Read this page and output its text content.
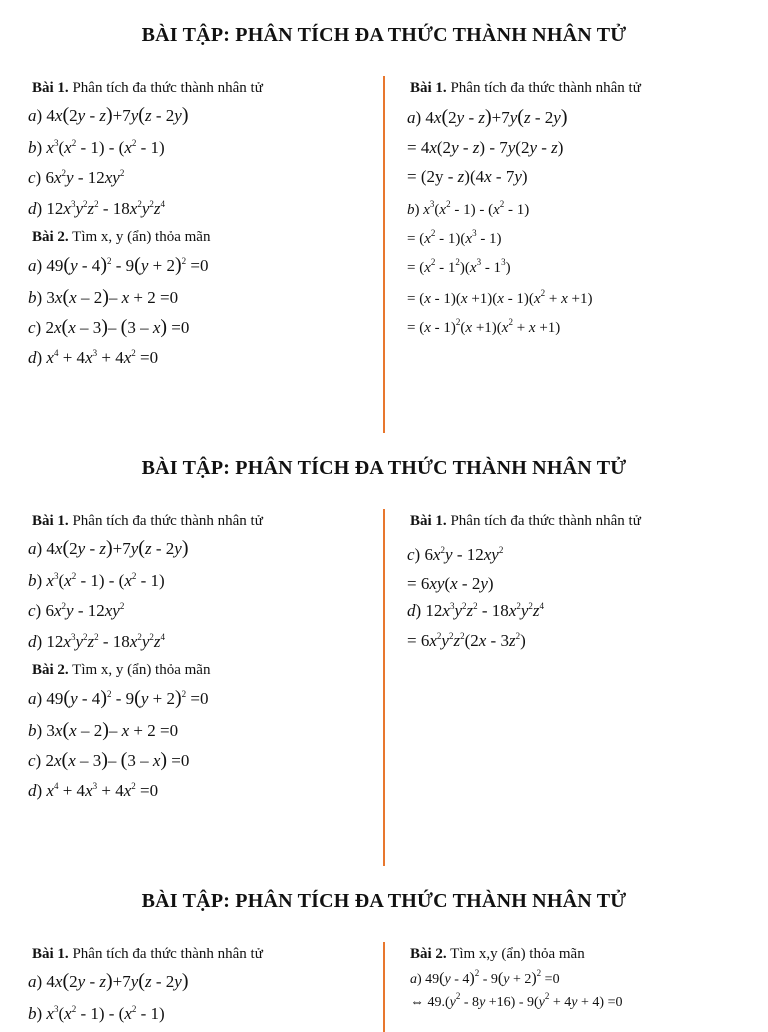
BÀI TẬP: PHÂN TÍCH ĐA THỨC THÀNH NHÂN TỬ
Bài 1. Phân tích đa thức thành nhân tử
a) 4x(2y - z)+7y(z - 2y)
b) $x^3(x^2 - 1) - (x^2 - 1)$
c) $6x^2y - 12xy^2$
d) $12x^3y^2z^2 - 18x^2y^2z^4$
Bài 2. Tìm x, y (ẩn) thỏa mãn
a) $49(y - 4)^2 - 9(y + 2)^2 =0$
b) 3x(x – 2)– x + 2 =0
c) 2x(x – 3)– (3 – x) =0
d) $x^4 + 4x^3 + 4x^2 =0$
Bài 1. Phân tích đa thức thành nhân tử
a) 4x(2y - z)+7y(z - 2y)
= 4x(2y - z) - 7y(2y - z)
= (2y - z)(4x - 7y)
b) $x^3(x^2 - 1) - (x^2 - 1)$
= $(x^2 - 1)(x^3 - 1)$
= $(x^2 - 1^2)(x^3 - 1^3)$
= $(x - 1)(x +1)(x - 1)(x^2 + x +1)$
= $(x - 1)^2(x +1)(x^2 + x +1)$
BÀI TẬP: PHÂN TÍCH ĐA THỨC THÀNH NHÂN TỬ
Bài 1. Phân tích đa thức thành nhân tử
a) 4x(2y - z)+7y(z - 2y)
b) $x^3(x^2 - 1) - (x^2 - 1)$
c) $6x^2y - 12xy^2$
d) $12x^3y^2z^2 - 18x^2y^2z^4$
Bài 2. Tìm x, y (ẩn) thỏa mãn
a) $49(y - 4)^2 - 9(y + 2)^2 =0$
b) 3x(x – 2)– x + 2 =0
c) 2x(x – 3)– (3 – x) =0
d) $x^4 + 4x^3 + 4x^2 =0$
Bài 1. Phân tích đa thức thành nhân tử
c) $6x^2y - 12xy^2$
= 6xy(x - 2y)
d) $12x^3y^2z^2 - 18x^2y^2z^4$
= $6x^2y^2z^2(2x - 3z^2)$
BÀI TẬP: PHÂN TÍCH ĐA THỨC THÀNH NHÂN TỬ
Bài 1. Phân tích đa thức thành nhân tử
a) 4x(2y - z)+7y(z - 2y)
b) $x^3(x^2 - 1) - (x^2 - 1)$
Bài 2. Tìm x,y (ẩn) thỏa mãn
a) $49(y - 4)^2 - 9(y + 2)^2 =0$
⇔ $49.(y^2 - 8y +16) - 9(y^2 + 4y + 4) =0$
